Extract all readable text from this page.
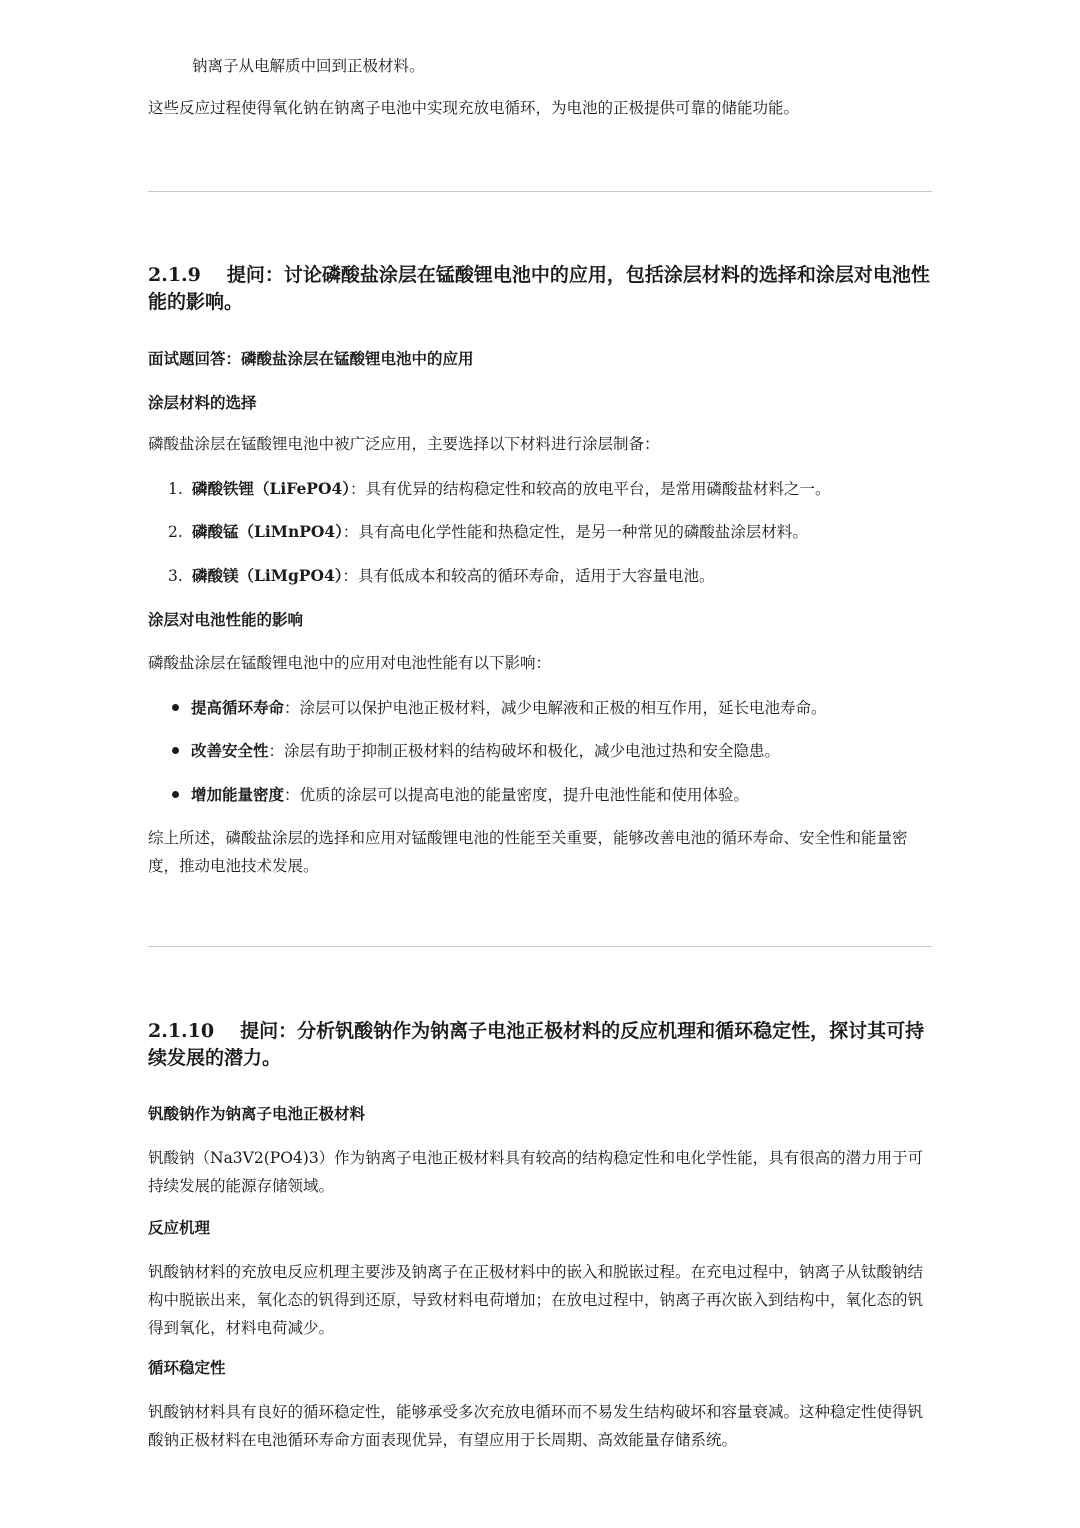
钠离子从电解质中回到正极材料。

这些反应过程使得氧化钠在钠离子电池中实现充放电循环，为电池的正极提供可靠的储能功能。

2.1.9 提问：讨论磷酸盐涂层在锰酸锂电池中的应用，包括涂层材料的选择和涂层对电池性能的影响。

面试题回答：磷酸盐涂层在锰酸锂电池中的应用

涂层材料的选择

磷酸盐涂层在锰酸锂电池中被广泛应用，主要选择以下材料进行涂层制备：

1. 磷酸铁锂（LiFePO4）：具有优异的结构稳定性和较高的放电平台，是常用磷酸盐材料之一。
2. 磷酸锰（LiMnPO4）：具有高电化学性能和热稳定性，是另一种常见的磷酸盐涂层材料。
3. 磷酸镁（LiMgPO4）：具有低成本和较高的循环寿命，适用于大容量电池。

涂层对电池性能的影响

磷酸盐涂层在锰酸锂电池中的应用对电池性能有以下影响：

提高循环寿命：涂层可以保护电池正极材料，减少电解液和正极的相互作用，延长电池寿命。
改善安全性：涂层有助于抑制正极材料的结构破坏和极化，减少电池过热和安全隐患。
增加能量密度：优质的涂层可以提高电池的能量密度，提升电池性能和使用体验。

综上所述，磷酸盐涂层的选择和应用对锰酸锂电池的性能至关重要，能够改善电池的循环寿命、安全性和能量密度，推动电池技术发展。

2.1.10 提问：分析钒酸钠作为钠离子电池正极材料的反应机理和循环稳定性，探讨其可持续发展的潜力。

钒酸钠作为钠离子电池正极材料

钒酸钠（Na3V2(PO4)3）作为钠离子电池正极材料具有较高的结构稳定性和电化学性能，具有很高的潜力用于可持续发展的能源存储领域。

反应机理

钒酸钠材料的充放电反应机理主要涉及钠离子在正极材料中的嵌入和脱嵌过程。在充电过程中，钠离子从钛酸钠结构中脱嵌出来，氧化态的钒得到还原，导致材料电荷增加；在放电过程中，钠离子再次嵌入到结构中，氧化态的钒得到氧化，材料电荷减少。

循环稳定性

钒酸钠材料具有良好的循环稳定性，能够承受多次充放电循环而不易发生结构破坏和容量衰减。这种稳定性使得钒酸钠正极材料在电池循环寿命方面表现优异，有望应用于长周期、高效能量存储系统。
